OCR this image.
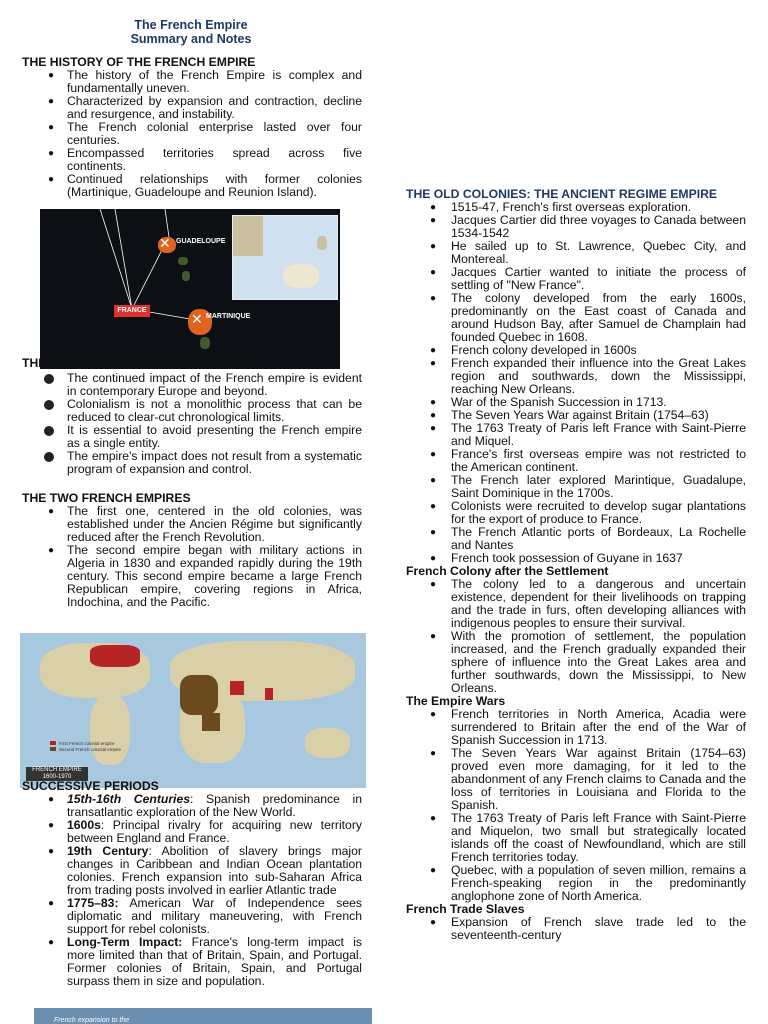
The French Empire
Summary and Notes

THE HISTORY OF THE FRENCH EMPIRE

● The history of the French Empire is complex and fundamentally uneven.
● Characterized by expansion and contraction, decline and resurgence, and instability.
● The French colonial enterprise lasted over four centuries.
● Encompassed territories spread across five continents.
● Continued relationships with former colonies (Martinique, Guadeloupe and Reunion Island).
✕ GUADELOUPE
FRANCE
✕ MARTINIQUE
THE IMPACT OF THE FRENCH EMPIRE
The continued impact of the French empire is evident in contemporary Europe and beyond.
Colonialism is not a monolithic process that can be reduced to clear-cut chronological limits.
It is essential to avoid presenting the French empire as a single entity.
The empire's impact does not result from a systematic program of expansion and control.

THE TWO FRENCH EMPIRES

● The first one, centered in the old colonies, was established under the Ancien Régime but significantly reduced after the French Revolution.
● The second empire began with military actions in Algeria in 1830 and expanded rapidly during the 19th century. This second empire became a large French Republican empire, covering regions in Africa, Indochina, and the Pacific.
First French colonial empire
Second French colonial empire
FRENCH EMPIRE
1600-1970

SUCCESSIVE PERIODS

● 15th-16th Centuries: Spanish predominance in transatlantic exploration of the New World.
● 1600s: Principal rivalry for acquiring new territory between England and France.
● 19th Century: Abolition of slavery brings major changes in Caribbean and Indian Ocean plantation colonies. French expansion into sub-Saharan Africa from trading posts involved in earlier Atlantic trade
● 1775–83: American War of Independence sees diplomatic and military maneuvering, with French support for rebel colonists.
● Long-Term Impact: France's long-term impact is more limited than that of Britain, Spain, and Portugal. Former colonies of Britain, Spain, and Portugal surpass them in size and population.
French expansion to the

THE OLD COLONIES: THE ANCIENT REGIME EMPIRE

● 1515-47, French's first overseas exploration.
● Jacques Cartier did three voyages to Canada between 1534-1542
● He sailed up to St. Lawrence, Quebec City, and Montereal.
● Jacques Cartier wanted to initiate the process of settling of "New France".
● The colony developed from the early 1600s, predominantly on the East coast of Canada and around Hudson Bay, after Samuel de Champlain had founded Quebec in 1608.
● French colony developed in 1600s
● French expanded their influence into the Great Lakes region and southwards, down the Mississippi, reaching New Orleans.
● War of the Spanish Succession in 1713.
● The Seven Years War against Britain (1754–63)
● The 1763 Treaty of Paris left France with Saint-Pierre and Miquel.
● France's first overseas empire was not restricted to the American continent.
● The French later explored Marintique, Guadalupe, Saint Dominique in the 1700s.
● Colonists were recruited to develop sugar plantations for the export of produce to France.
● The French Atlantic ports of Bordeaux, La Rochelle and Nantes
● French took possession of Guyane in 1637

French Colony after the Settlement

● The colony led to a dangerous and uncertain existence, dependent for their livelihoods on trapping and the trade in furs, often developing alliances with indigenous peoples to ensure their survival.
● With the promotion of settlement, the population increased, and the French gradually expanded their sphere of influence into the Great Lakes area and further southwards, down the Mississippi, to New Orleans.

The Empire Wars

● French territories in North America, Acadia were surrendered to Britain after the end of the War of Spanish Succession in 1713.
● The Seven Years War against Britain (1754–63) proved even more damaging, for it led to the abandonment of any French claims to Canada and the loss of territories in Louisiana and Florida to the Spanish.
● The 1763 Treaty of Paris left France with Saint-Pierre and Miquelon, two small but strategically located islands off the coast of Newfoundland, which are still French territories today.
● Quebec, with a population of seven million, remains a French-speaking region in the predominantly anglophone zone of North America.

French Trade Slaves

● Expansion of French slave trade led to the seventeenth-century
